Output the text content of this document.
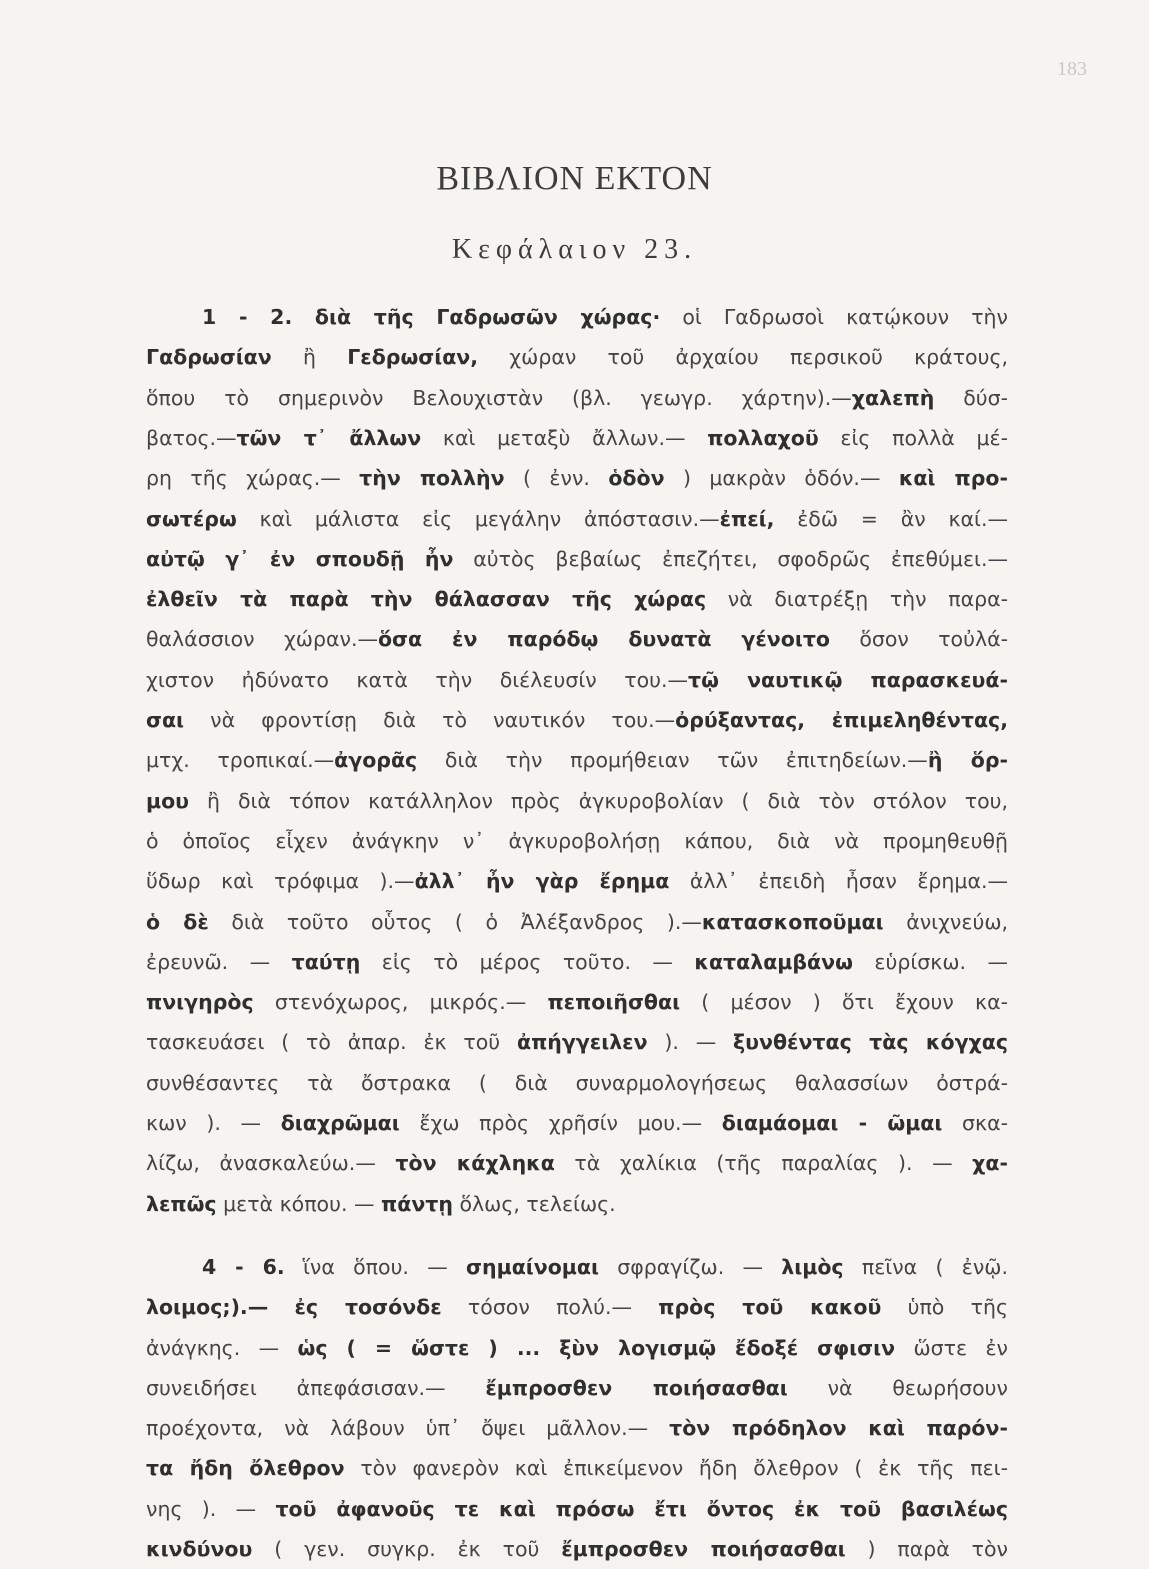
183
ΒΙΒΛΙΟΝ ΕΚΤΟΝ
Κεφάλαιον 23.
1 - 2. διὰ τῆς Γαδρωσῶν χώρας· οἱ Γαδρωσοὶ κατῴκουν τὴν
Γαδρωσίαν ἢ Γεδρωσίαν, χώραν τοῦ ἀρχαίου περσικοῦ κράτους,
ὅπου τὸ σημερινὸν Βελουχιστὰν (βλ. γεωγρ. χάρτην).—χαλεπὴ δύσ-
βατος.—τῶν τ᾽ ἄλλων καὶ μεταξὺ ἄλλων.— πολλαχοῦ εἰς πολλὰ μέ-
ρη τῆς χώρας.— τὴν πολλὴν ( ἐνν. ὁδὸν ) μακρὰν ὁδόν.— καὶ προ-
σωτέρω καὶ μάλιστα εἰς μεγάλην ἀπόστασιν.—ἐπεί, ἐδῶ = ἂν καί.—
αὐτῷ γ᾽ ἐν σπουδῇ ἦν αὐτὸς βεβαίως ἐπεζήτει, σφοδρῶς ἐπεθύμει.—
ἐλθεῖν τὰ παρὰ τὴν θάλασσαν τῆς χώρας νὰ διατρέξῃ τὴν παρα-
θαλάσσιον χώραν.—ὅσα ἐν παρόδῳ δυνατὰ γένοιτο ὅσον τοὐλά-
χιστον ἠδύνατο κατὰ τὴν διέλευσίν του.—τῷ ναυτικῷ παρασκευά-
σαι νὰ φροντίσῃ διὰ τὸ ναυτικόν του.—ὀρύξαντας, ἐπιμεληθέντας,
μτχ. τροπικαί.—ἀγορᾶς διὰ τὴν προμήθειαν τῶν ἐπιτηδείων.—ἢ ὅρ-
μου ἢ διὰ τόπον κατάλληλον πρὸς ἀγκυροβολίαν ( διὰ τὸν στόλον του,
ὁ ὁποῖος εἶχεν ἀνάγκην ν᾽ ἀγκυροβολήσῃ κάπου, διὰ νὰ προμηθευθῇ
ὕδωρ καὶ τρόφιμα ).—ἀλλ᾽ ἦν γὰρ ἔρημα ἀλλ᾽ ἐπειδὴ ἦσαν ἔρημα.—
ὁ δὲ διὰ τοῦτο οὗτος ( ὁ Ἀλέξανδρος ).—κατασκοποῦμαι ἀνιχνεύω,
ἐρευνῶ. — ταύτῃ εἰς τὸ μέρος τοῦτο. — καταλαμβάνω εὑρίσκω. —
πνιγηρὸς στενόχωρος, μικρός.— πεποιῆσθαι ( μέσον ) ὅτι ἔχουν κα-
τασκευάσει ( τὸ ἀπαρ. ἐκ τοῦ ἀπήγγειλεν ). — ξυνθέντας τὰς κόγχας
συνθέσαντες τὰ ὄστρακα ( διὰ συναρμολογήσεως θαλασσίων ὀστρά-
κων ). — διαχρῶμαι ἔχω πρὸς χρῆσίν μου.— διαμάομαι - ῶμαι σκα-
λίζω, ἀνασκαλεύω.— τὸν κάχληκα τὰ χαλίκια (τῆς παραλίας ). — χα-
λεπῶς μετὰ κόπου. — πάντῃ ὅλως, τελείως.
4 - 6. ἵνα ὅπου. — σημαίνομαι σφραγίζω. — λιμὸς πεῖνα ( ἐνῷ.
λοιμος;).— ἐς τοσόνδε τόσον πολύ.— πρὸς τοῦ κακοῦ ὑπὸ τῆς
ἀνάγκης. — ὡς ( = ὥστε ) ... ξὺν λογισμῷ ἔδοξέ σφισιν ὥστε ἐν
συνειδήσει ἀπεφάσισαν.— ἔμπροσθεν ποιήσασθαι νὰ θεωρήσουν
προέχοντα, νὰ λάβουν ὑπ᾽ ὄψει μᾶλλον.— τὸν πρόδηλον καὶ παρόν-
τα ἤδη ὄλεθρον τὸν φανερὸν καὶ ἐπικείμενον ἤδη ὄλεθρον ( ἐκ τῆς πει-
νης ). — τοῦ ἀφανοῦς τε καὶ πρόσω ἔτι ὄντος ἐκ τοῦ βασιλέως
κινδύνου ( γεν. συγκρ. ἐκ τοῦ ἔμπροσθεν ποιήσασθαι ) παρὰ τὸν
